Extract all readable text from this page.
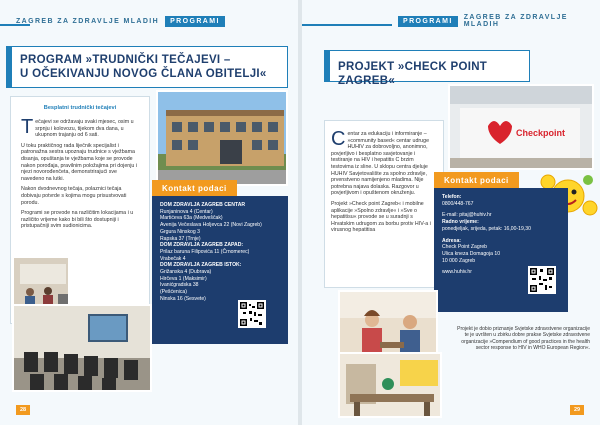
ZAGREB ZA ZDRAVLJE MLADIH	PROGRAMI
PROGRAM »TRUDNIČKI TEČAJEVI –
U OČEKIVANJU NOVOG ČLANA OBITELJI«
Besplatni trudnički tečajevi

Tečajevi se održavaju svaki mjesec, osim u srpnju i kolovozu, tijekom dva dana, u ukupnom trajanju od 6 sati.

U toku praktičnog rada liječnik specijalist i patronažna sestra upoznaju trudnice s vježbama disanja, opuštanja te vježbama koje se provode nakon porođaja, pravilnim položajima pri dojenju i njezi novorođenčeta, demonstrirajući sve navedeno na lutki.

Nakon dvodnevnog tečaja, polaznici tečaja dobivaju potvrde s kojima mogu prisustvovati porodu.

Programi se provode na različitim lokacijama i u različito vrijeme kako bi bili što dostupniji i pristupačniji svim sudionicima.

Kontakt podaci
DOM ZDRAVLJA ZAGREB CENTAR
Runjaninova 4 (Centar)
Martićeva 63a (Medveščak)
Avenija Večeslava Holjevca 22 (Novi Zagreb)
Grgura Ninskog 3
Rapska 37 (Trnje)
DOM ZDRAVLJA ZAGREB ZAPAD:
Prilaz baruna Filipovića 11 (Črnomerec)
Vrabečak 4
DOM ZDRAVLJA ZAGREB ISTOK:
Grižanska 4 (Dubrava)
Hirčeva 1 (Maksimir)
Ivanićgradska 38
(Pešćenica)
Ninska 16 (Sesvete)
28
PROGRAMI	ZAGREB ZA ZDRAVLJE MLADIH
PROJEKT »CHECK POINT ZAGREB«
Checkpoint

Centar za edukaciju i informiranje – »community based« centar udruge HUHIV za dobrovoljno, anonimno, povjerljivo i besplatno savjetovanje i testiranje na HIV i hepatitis C brzim testovima iz sline. U sklopu centra djeluje HUHIV Savjetovalište za spolno zdravlje, prvenstveno namijenjeno mladima. Nije potrebna najava dolaska. Razgovor u povjerljivom i opuštenom okruženju.

Projekt »Check point Zagreb« i mobilne aplikacije »Spolno zdravlje« i »Sve o hepatitisu« provode se u suradnji s Hrvatskim udrugom za borbu protiv HIV-a i virusnog hepatitisa

Kontakt podaci
Telefon:
0800/448-767
E-mail: pitaj@huhiv.hr
Radno vrijeme:
ponedjeljak, srijeda, petak: 16,00-19,30
Adresa:
Check Point Zagreb
Ulica kneza Domagoja 10
10 000 Zagreb
www.huhiv.hr
Projekt je dobio priznanje Svjetske zdravstvene organizacije te je uvršten u zbirku dobre prakse Svjetske zdravstvene organizacije »Compendium of good practices in the health sector response to HIV in WHO European Region«.
29
